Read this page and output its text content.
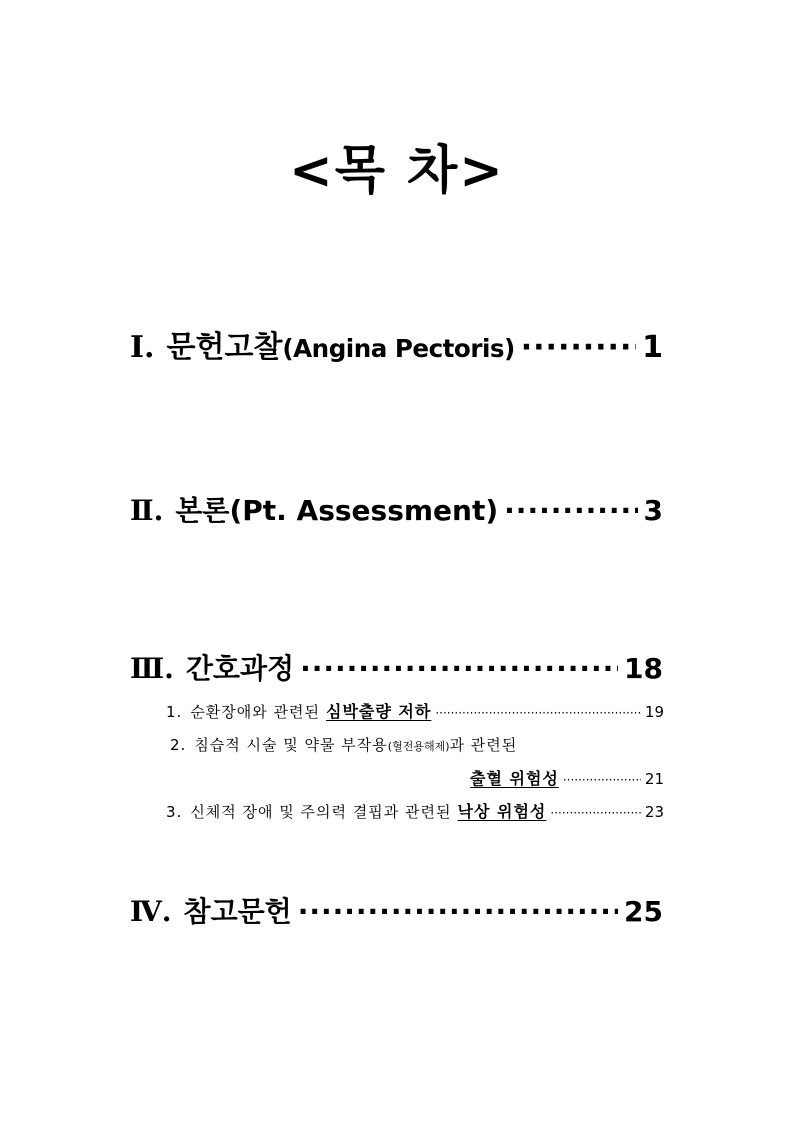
<목 차>
Ⅰ. 문헌고찰 (Angina Pectoris) ·····	1
Ⅱ. 본론 (Pt. Assessment) ·····	3
Ⅲ. 간호과정 ·····	18
1. 순환장애와 관련된 심박출량 저하 ·····	19
2. 침습적 시술 및 약물 부작용 (혈전용해제) 과 관련된
출혈 위험성 ·····	21
3. 신체적 장애 및 주의력 결핍과 관련된 낙상 위험성 ·····	23
Ⅳ. 참고문헌 ·····	25
